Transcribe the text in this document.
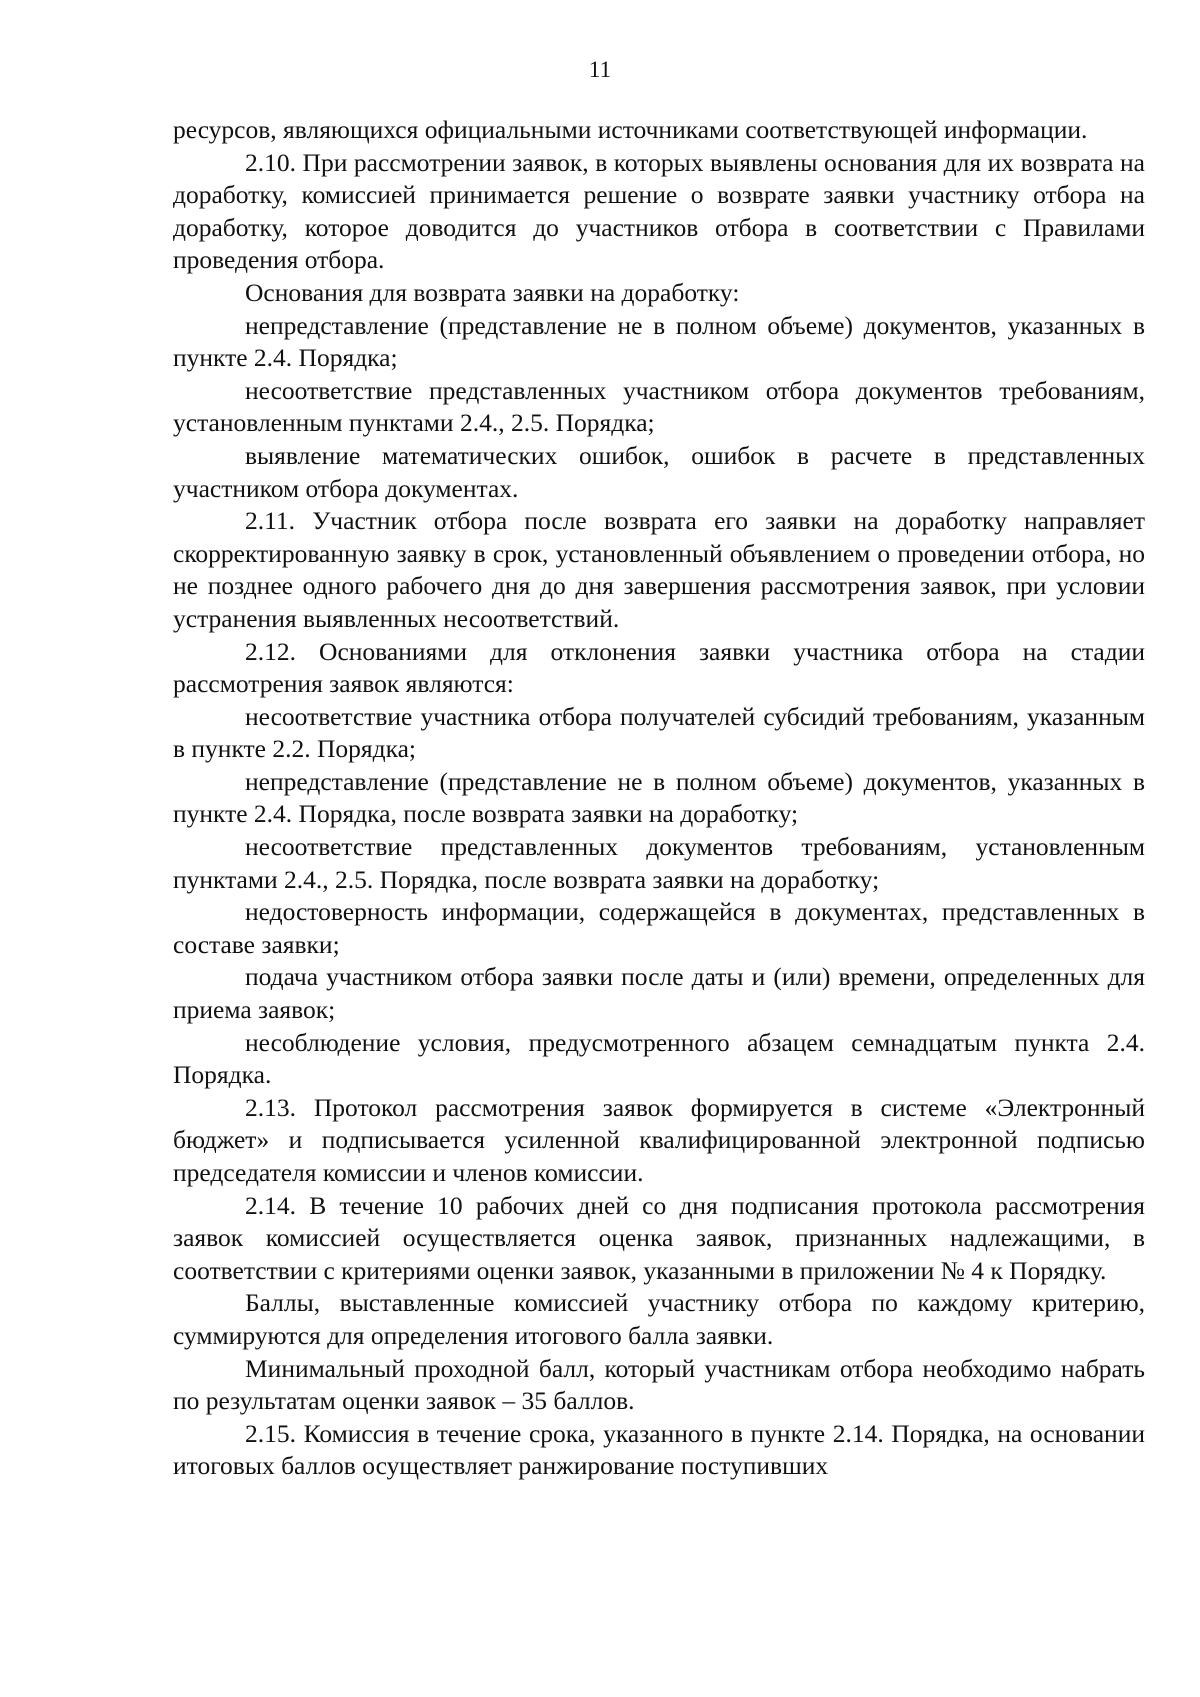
11

ресурсов, являющихся официальными источниками соответствующей информации.

2.10. При рассмотрении заявок, в которых выявлены основания для их возврата на доработку, комиссией принимается решение о возврате заявки участнику отбора на доработку, которое доводится до участников отбора в соответствии с Правилами проведения отбора.

Основания для возврата заявки на доработку:

непредставление (представление не в полном объеме) документов, указанных в пункте 2.4. Порядка;

несоответствие представленных участником отбора документов требованиям, установленным пунктами 2.4., 2.5. Порядка;

выявление математических ошибок, ошибок в расчете в представленных участником отбора документах.

2.11. Участник отбора после возврата его заявки на доработку направляет скорректированную заявку в срок, установленный объявлением о проведении отбора, но не позднее одного рабочего дня до дня завершения рассмотрения заявок, при условии устранения выявленных несоответствий.

2.12. Основаниями для отклонения заявки участника отбора на стадии рассмотрения заявок являются:

несоответствие участника отбора получателей субсидий требованиям, указанным в пункте 2.2. Порядка;

непредставление (представление не в полном объеме) документов, указанных в пункте 2.4. Порядка, после возврата заявки на доработку;

несоответствие представленных документов требованиям, установленным пунктами 2.4., 2.5. Порядка, после возврата заявки на доработку;

недостоверность информации, содержащейся в документах, представленных в составе заявки;

подача участником отбора заявки после даты и (или) времени, определенных для приема заявок;

несоблюдение условия, предусмотренного абзацем семнадцатым пункта 2.4. Порядка.

2.13. Протокол рассмотрения заявок формируется в системе «Электронный бюджет» и подписывается усиленной квалифицированной электронной подписью председателя комиссии и членов комиссии.

2.14. В течение 10 рабочих дней со дня подписания протокола рассмотрения заявок комиссией осуществляется оценка заявок, признанных надлежащими, в соответствии с критериями оценки заявок, указанными в приложении № 4 к Порядку.

Баллы, выставленные комиссией участнику отбора по каждому критерию, суммируются для определения итогового балла заявки.

Минимальный проходной балл, который участникам отбора необходимо набрать по результатам оценки заявок – 35 баллов.

2.15. Комиссия в течение срока, указанного в пункте 2.14. Порядка, на основании итоговых баллов осуществляет ранжирование поступивших
